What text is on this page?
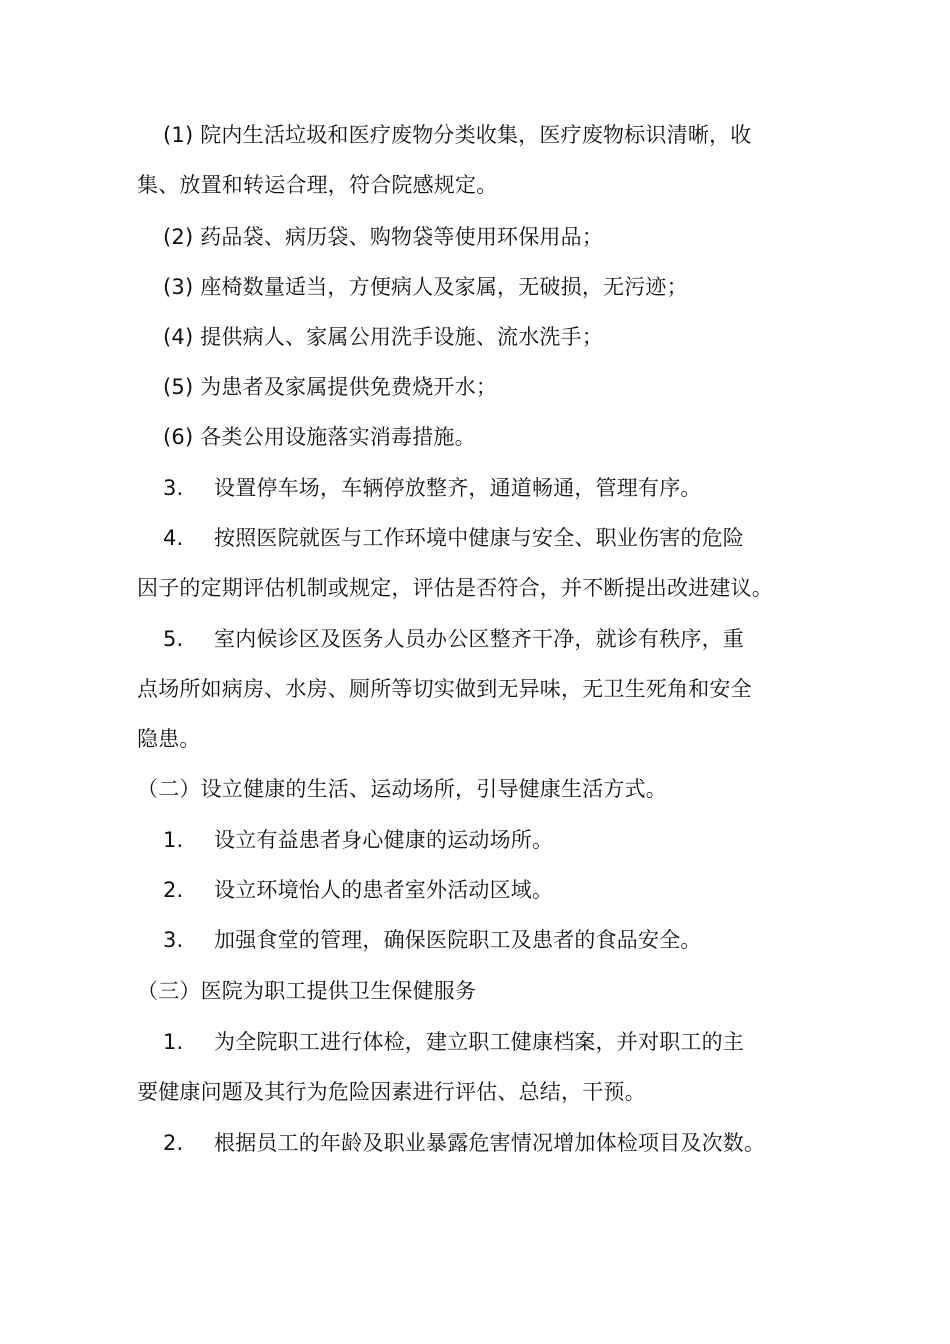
(1) 院内生活垃圾和医疗废物分类收集，医疗废物标识清晰，收
集、放置和转运合理，符合院感规定。
(2) 药品袋、病历袋、购物袋等使用环保用品；
(3) 座椅数量适当，方便病人及家属，无破损，无污迹；
(4) 提供病人、家属公用洗手设施、流水洗手；
(5) 为患者及家属提供免费烧开水；
(6) 各类公用设施落实消毒措施。
3. 设置停车场，车辆停放整齐，通道畅通，管理有序。
4. 按照医院就医与工作环境中健康与安全、职业伤害的危险
因子的定期评估机制或规定，评估是否符合，并不断提出改进建议。
5. 室内候诊区及医务人员办公区整齐干净，就诊有秩序，重
点场所如病房、水房、厕所等切实做到无异味，无卫生死角和安全
隐患。
（二）设立健康的生活、运动场所，引导健康生活方式。
1. 设立有益患者身心健康的运动场所。
2. 设立环境怡人的患者室外活动区域。
3. 加强食堂的管理，确保医院职工及患者的食品安全。
（三）医院为职工提供卫生保健服务
1. 为全院职工进行体检，建立职工健康档案，并对职工的主
要健康问题及其行为危险因素进行评估、总结，干预。
2. 根据员工的年龄及职业暴露危害情况增加体检项目及次数。
